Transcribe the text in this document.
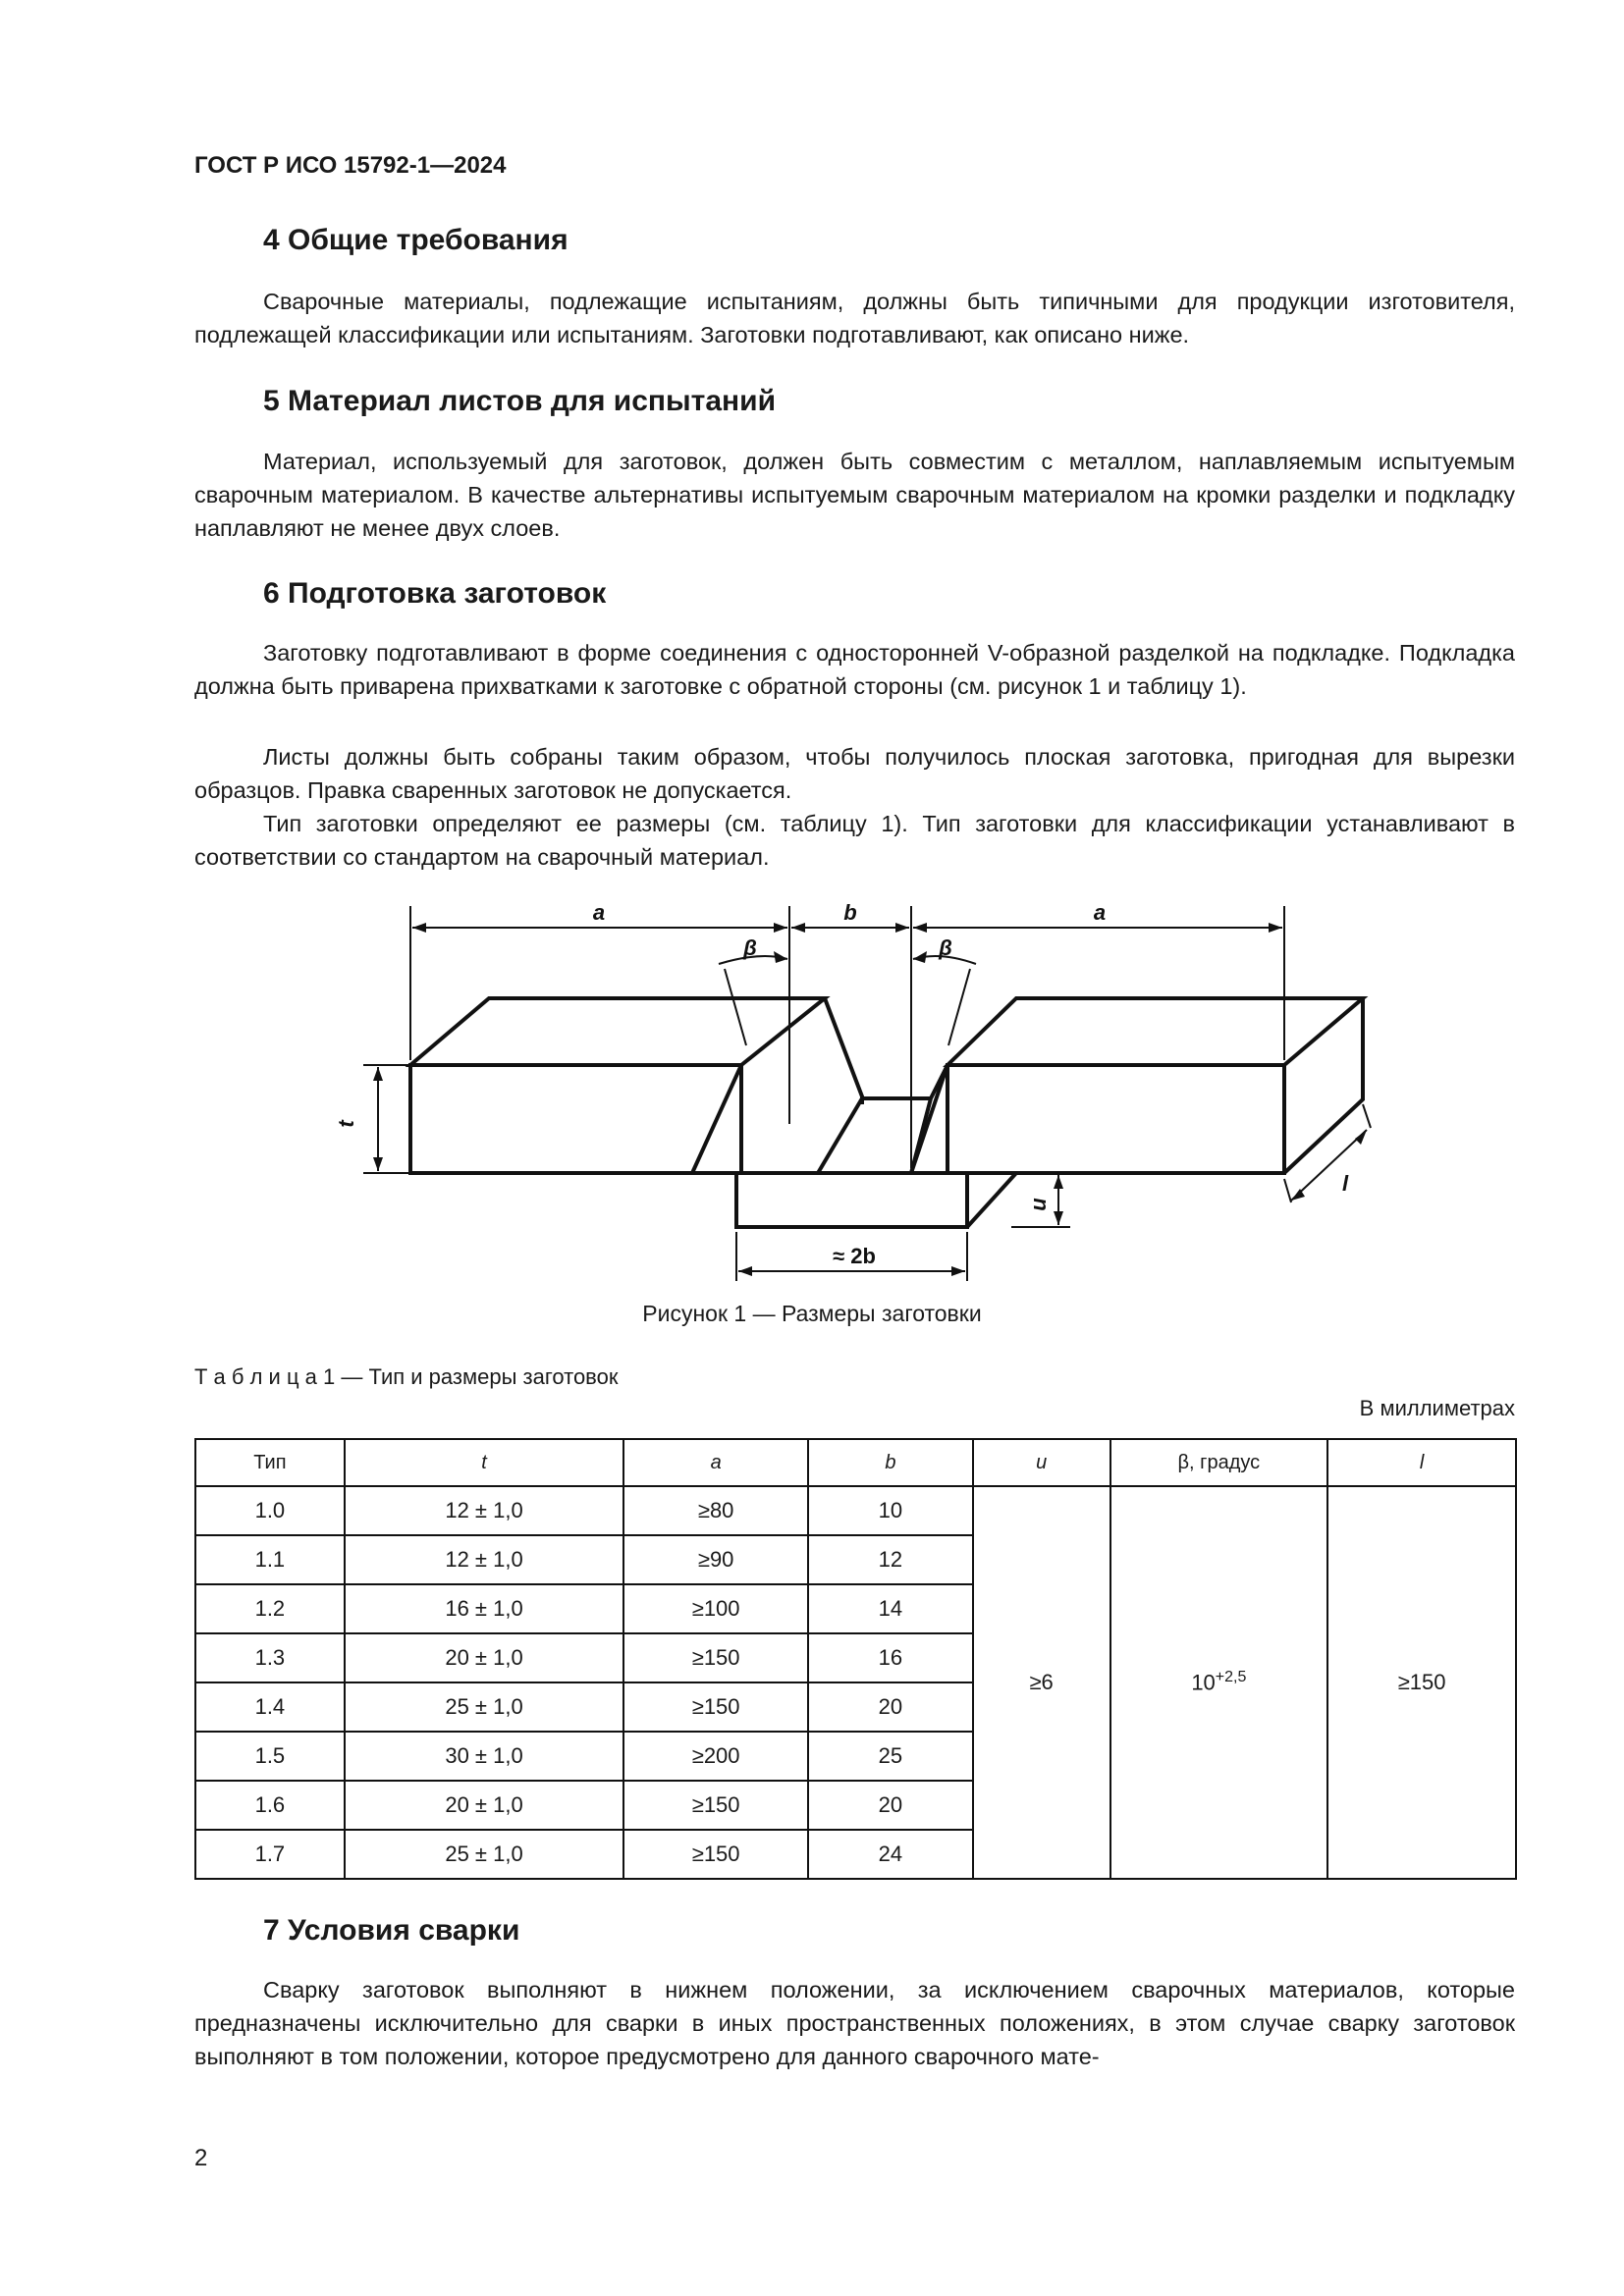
ГОСТ Р ИСО 15792-1—2024
4 Общие требования
Сварочные материалы, подлежащие испытаниям, должны быть типичными для продукции изготовителя, подлежащей классификации или испытаниям. Заготовки подготавливают, как описано ниже.
5 Материал листов для испытаний
Материал, используемый для заготовок, должен быть совместим с металлом, наплавляемым испытуемым сварочным материалом. В качестве альтернативы испытуемым сварочным материалом на кромки разделки и подкладку наплавляют не менее двух слоев.
6 Подготовка заготовок
Заготовку подготавливают в форме соединения с односторонней V-образной разделкой на подкладке. Подкладка должна быть приварена прихватками к заготовке с обратной стороны (см. рисунок 1 и таблицу 1).
Листы должны быть собраны таким образом, чтобы получилось плоская заготовка, пригодная для вырезки образцов. Правка сваренных заготовок не допускается.
Тип заготовки определяют ее размеры (см. таблицу 1). Тип заготовки для классификации устанавливают в соответствии со стандартом на сварочный материал.
a	b	a
β	β
t
u
l
≈ 2b
Рисунок 1 — Размеры заготовки
Т а б л и ц а 1 — Тип и размеры заготовок
В миллиметрах
Тип	t	a	b	u	β, градус	l
1.0	12 ± 1,0	≥80	10	≥6	$10^{+2,5}$	≥150
1.1	12 ± 1,0	≥90	12			
1.2	16 ± 1,0	≥100	14			
1.3	20 ± 1,0	≥150	16			
1.4	25 ± 1,0	≥150	20			
1.5	30 ± 1,0	≥200	25			
1.6	20 ± 1,0	≥150	20			
1.7	25 ± 1,0	≥150	24			
7 Условия сварки
Сварку заготовок выполняют в нижнем положении, за исключением сварочных материалов, которые предназначены исключительно для сварки в иных пространственных положениях, в этом случае сварку заготовок выполняют в том положении, которое предусмотрено для данного сварочного мате-
2
